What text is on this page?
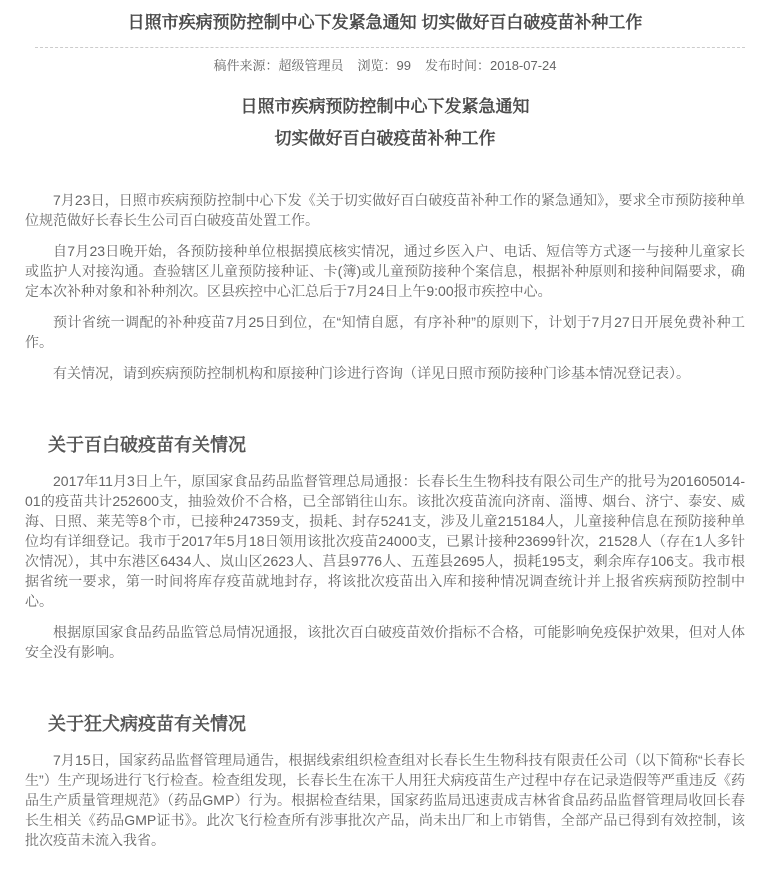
日照市疾病预防控制中心下发紧急通知 切实做好百白破疫苗补种工作
稿件来源：超级管理员 浏览：99 发布时间：2018-07-24
日照市疾病预防控制中心下发紧急通知
切实做好百白破疫苗补种工作

7月23日，日照市疾病预防控制中心下发《关于切实做好百白破疫苗补种工作的紧急通知》，要求全市预防接种单位规范做好长春长生公司百白破疫苗处置工作。

自7月23日晚开始，各预防接种单位根据摸底核实情况，通过乡医入户、电话、短信等方式逐一与接种儿童家长或监护人对接沟通。查验辖区儿童预防接种证、卡(簿)或儿童预防接种个案信息，根据补种原则和接种间隔要求，确定本次补种对象和补种剂次。区县疾控中心汇总后于7月24日上午9:00报市疾控中心。

预计省统一调配的补种疫苗7月25日到位，在“知情自愿，有序补种”的原则下，计划于7月27日开展免费补种工作。

有关情况，请到疾病预防控制机构和原接种门诊进行咨询（详见日照市预防接种门诊基本情况登记表）。

关于百白破疫苗有关情况

2017年11月3日上午，原国家食品药品监督管理总局通报：长春长生生物科技有限公司生产的批号为201605014-01的疫苗共计252600支，抽验效价不合格，已全部销往山东。该批次疫苗流向济南、淄博、烟台、济宁、泰安、威海、日照、莱芜等8个市，已接种247359支，损耗、封存5241支，涉及儿童215184人，儿童接种信息在预防接种单位均有详细登记。我市于2017年5月18日领用该批次疫苗24000支，已累计接种23699针次，21528人（存在1人多针次情况），其中东港区6434人、岚山区2623人、莒县9776人、五莲县2695人，损耗195支，剩余库存106支。我市根据省统一要求，第一时间将库存疫苗就地封存，将该批次疫苗出入库和接种情况调查统计并上报省疾病预防控制中心。

根据原国家食品药品监管总局情况通报，该批次百白破疫苗效价指标不合格，可能影响免疫保护效果，但对人体安全没有影响。

关于狂犬病疫苗有关情况

7月15日，国家药品监督管理局通告，根据线索组织检查组对长春长生生物科技有限责任公司（以下简称“长春长生”）生产现场进行飞行检查。检查组发现，长春长生在冻干人用狂犬病疫苗生产过程中存在记录造假等严重违反《药品生产质量管理规范》（药品GMP）行为。根据检查结果，国家药监局迅速责成吉林省食品药品监督管理局收回长春长生相关《药品GMP证书》。此次飞行检查所有涉事批次产品，尚未出厂和上市销售，全部产品已得到有效控制，该批次疫苗未流入我省。
